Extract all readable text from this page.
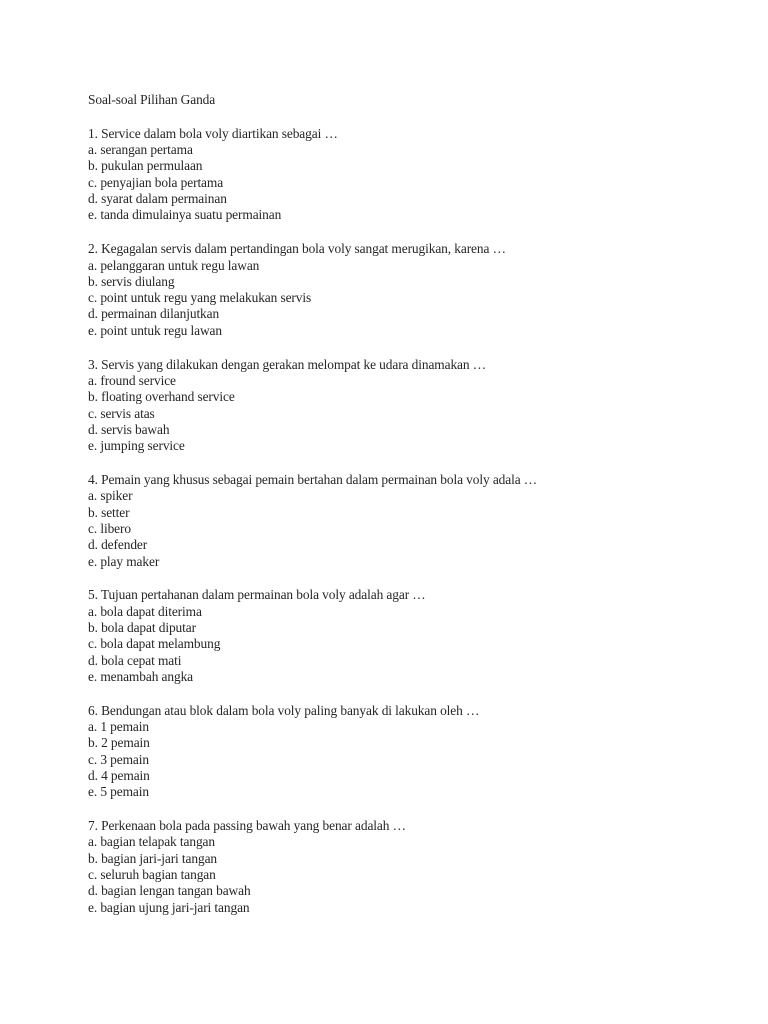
Soal-soal Pilihan Ganda
1. Service dalam bola voly diartikan sebagai …
a. serangan pertama
b. pukulan permulaan
c. penyajian bola pertama
d. syarat dalam permainan
e. tanda dimulainya suatu permainan
2. Kegagalan servis dalam pertandingan bola voly sangat merugikan, karena …
a. pelanggaran untuk regu lawan
b. servis diulang
c. point untuk regu yang melakukan servis
d. permainan dilanjutkan
e. point untuk regu lawan
3. Servis yang dilakukan dengan gerakan melompat ke udara dinamakan …
a. fround service
b. floating overhand service
c. servis atas
d. servis bawah
e. jumping service
4. Pemain yang khusus sebagai pemain bertahan dalam permainan bola voly adala …
a. spiker
b. setter
c. libero
d. defender
e. play maker
5. Tujuan pertahanan dalam permainan bola voly adalah agar …
a. bola dapat diterima
b. bola dapat diputar
c. bola dapat melambung
d. bola cepat mati
e. menambah angka
6. Bendungan atau blok dalam bola voly paling banyak di lakukan oleh …
a. 1 pemain
b. 2 pemain
c. 3 pemain
d. 4 pemain
e. 5 pemain
7. Perkenaan bola pada passing bawah yang benar adalah …
a. bagian telapak tangan
b. bagian jari-jari tangan
c. seluruh bagian tangan
d. bagian lengan tangan bawah
e. bagian ujung jari-jari tangan
